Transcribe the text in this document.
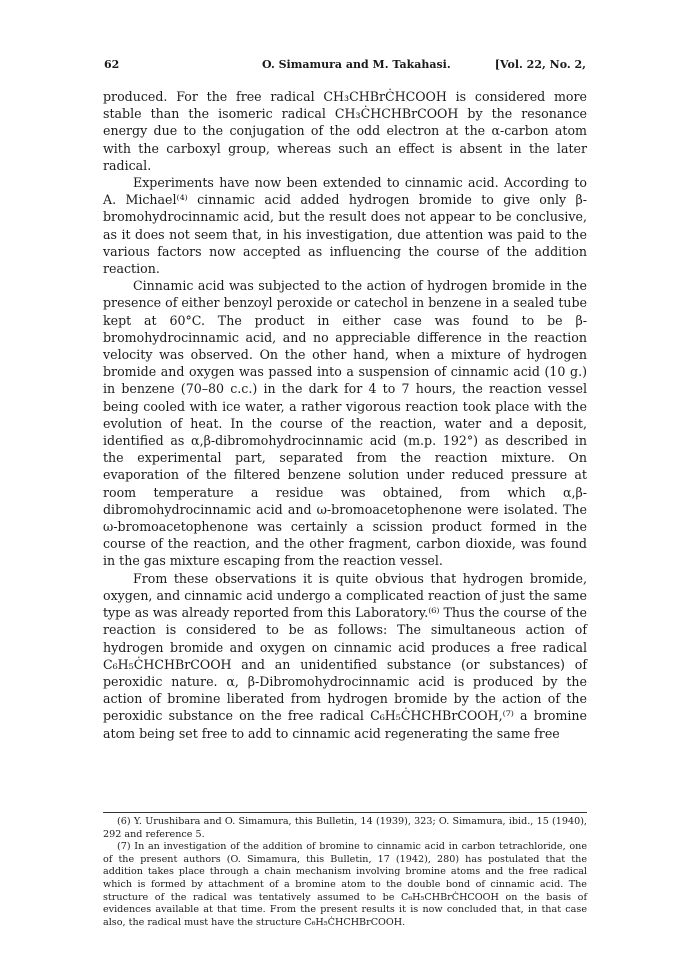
62	O. Simamura and M. Takahasi.	[Vol. 22, No. 2,

produced. For the free radical CH₃CHBrĊHCOOH is considered more stable than the isomeric radical CH₃ĊHCHBrCOOH by the resonance energy due to the conjugation of the odd electron at the α-carbon atom with the carboxyl group, whereas such an effect is absent in the later radical.

Experiments have now been extended to cinnamic acid. According to A. Michael⁽⁴⁾ cinnamic acid added hydrogen bromide to give only β-bromohydrocinnamic acid, but the result does not appear to be conclusive, as it does not seem that, in his investigation, due attention was paid to the various factors now accepted as influencing the course of the addition reaction.

Cinnamic acid was subjected to the action of hydrogen bromide in the presence of either benzoyl peroxide or catechol in benzene in a sealed tube kept at 60°C. The product in either case was found to be β-bromohydrocinnamic acid, and no appreciable difference in the reaction velocity was observed. On the other hand, when a mixture of hydrogen bromide and oxygen was passed into a suspension of cinnamic acid (10 g.) in benzene (70–80 c.c.) in the dark for 4 to 7 hours, the reaction vessel being cooled with ice water, a rather vigorous reaction took place with the evolution of heat. In the course of the reaction, water and a deposit, identified as α,β-dibromohydrocinnamic acid (m.p. 192°) as described in the experimental part, separated from the reaction mixture. On evaporation of the filtered benzene solution under reduced pressure at room temperature a residue was obtained, from which α,β-dibromohydrocinnamic acid and ω-bromoacetophenone were isolated. The ω-bromoacetophenone was certainly a scission product formed in the course of the reaction, and the other fragment, carbon dioxide, was found in the gas mixture escaping from the reaction vessel.

From these observations it is quite obvious that hydrogen bromide, oxygen, and cinnamic acid undergo a complicated reaction of just the same type as was already reported from this Laboratory.⁽⁶⁾ Thus the course of the reaction is considered to be as follows: The simultaneous action of hydrogen bromide and oxygen on cinnamic acid produces a free radical C₆H₅ĊHCHBrCOOH and an unidentified substance (or substances) of peroxidic nature. α, β-Dibromohydrocinnamic acid is produced by the action of bromine liberated from hydrogen bromide by the action of the peroxidic substance on the free radical C₆H₅ĊHCHBrCOOH,⁽⁷⁾ a bromine atom being set free to add to cinnamic acid regenerating the same free

(6) Y. Urushibara and O. Simamura, this Bulletin, 14 (1939), 323; O. Simamura, ibid., 15 (1940), 292 and reference 5.

(7) In an investigation of the addition of bromine to cinnamic acid in carbon tetrachloride, one of the present authors (O. Simamura, this Bulletin, 17 (1942), 280) has postulated that the addition takes place through a chain mechanism involving bromine atoms and the free radical which is formed by attachment of a bromine atom to the double bond of cinnamic acid. The structure of the radical was tentatively assumed to be C₆H₅CHBrĊHCOOH on the basis of evidences available at that time. From the present results it is now concluded that, in that case also, the radical must have the structure C₆H₅ĊHCHBrCOOH.
